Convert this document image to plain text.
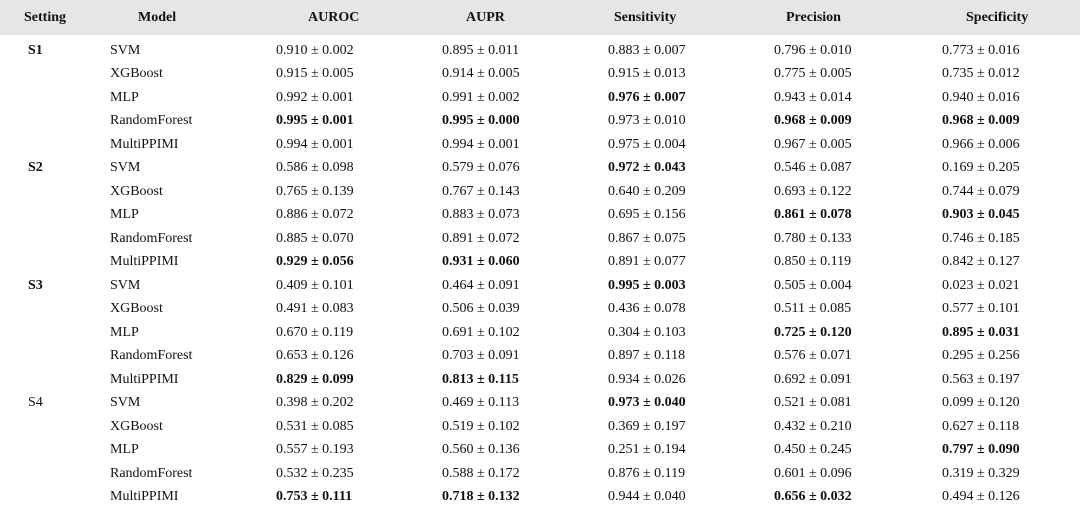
Setting	Model	AUROC	AUPR	Sensitivity	Precision	Specificity
S1	SVM	0.910 ± 0.002	0.895 ± 0.011	0.883 ± 0.007	0.796 ± 0.010	0.773 ± 0.016
	XGBoost	0.915 ± 0.005	0.914 ± 0.005	0.915 ± 0.013	0.775 ± 0.005	0.735 ± 0.012
	MLP	0.992 ± 0.001	0.991 ± 0.002	0.976 ± 0.007	0.943 ± 0.014	0.940 ± 0.016
	RandomForest	0.995 ± 0.001	0.995 ± 0.000	0.973 ± 0.010	0.968 ± 0.009	0.968 ± 0.009
	MultiPPIMI	0.994 ± 0.001	0.994 ± 0.001	0.975 ± 0.004	0.967 ± 0.005	0.966 ± 0.006
S2	SVM	0.586 ± 0.098	0.579 ± 0.076	0.972 ± 0.043	0.546 ± 0.087	0.169 ± 0.205
	XGBoost	0.765 ± 0.139	0.767 ± 0.143	0.640 ± 0.209	0.693 ± 0.122	0.744 ± 0.079
	MLP	0.886 ± 0.072	0.883 ± 0.073	0.695 ± 0.156	0.861 ± 0.078	0.903 ± 0.045
	RandomForest	0.885 ± 0.070	0.891 ± 0.072	0.867 ± 0.075	0.780 ± 0.133	0.746 ± 0.185
	MultiPPIMI	0.929 ± 0.056	0.931 ± 0.060	0.891 ± 0.077	0.850 ± 0.119	0.842 ± 0.127
S3	SVM	0.409 ± 0.101	0.464 ± 0.091	0.995 ± 0.003	0.505 ± 0.004	0.023 ± 0.021
	XGBoost	0.491 ± 0.083	0.506 ± 0.039	0.436 ± 0.078	0.511 ± 0.085	0.577 ± 0.101
	MLP	0.670 ± 0.119	0.691 ± 0.102	0.304 ± 0.103	0.725 ± 0.120	0.895 ± 0.031
	RandomForest	0.653 ± 0.126	0.703 ± 0.091	0.897 ± 0.118	0.576 ± 0.071	0.295 ± 0.256
	MultiPPIMI	0.829 ± 0.099	0.813 ± 0.115	0.934 ± 0.026	0.692 ± 0.091	0.563 ± 0.197
S4	SVM	0.398 ± 0.202	0.469 ± 0.113	0.973 ± 0.040	0.521 ± 0.081	0.099 ± 0.120
	XGBoost	0.531 ± 0.085	0.519 ± 0.102	0.369 ± 0.197	0.432 ± 0.210	0.627 ± 0.118
	MLP	0.557 ± 0.193	0.560 ± 0.136	0.251 ± 0.194	0.450 ± 0.245	0.797 ± 0.090
	RandomForest	0.532 ± 0.235	0.588 ± 0.172	0.876 ± 0.119	0.601 ± 0.096	0.319 ± 0.329
	MultiPPIMI	0.753 ± 0.111	0.718 ± 0.132	0.944 ± 0.040	0.656 ± 0.032	0.494 ± 0.126
